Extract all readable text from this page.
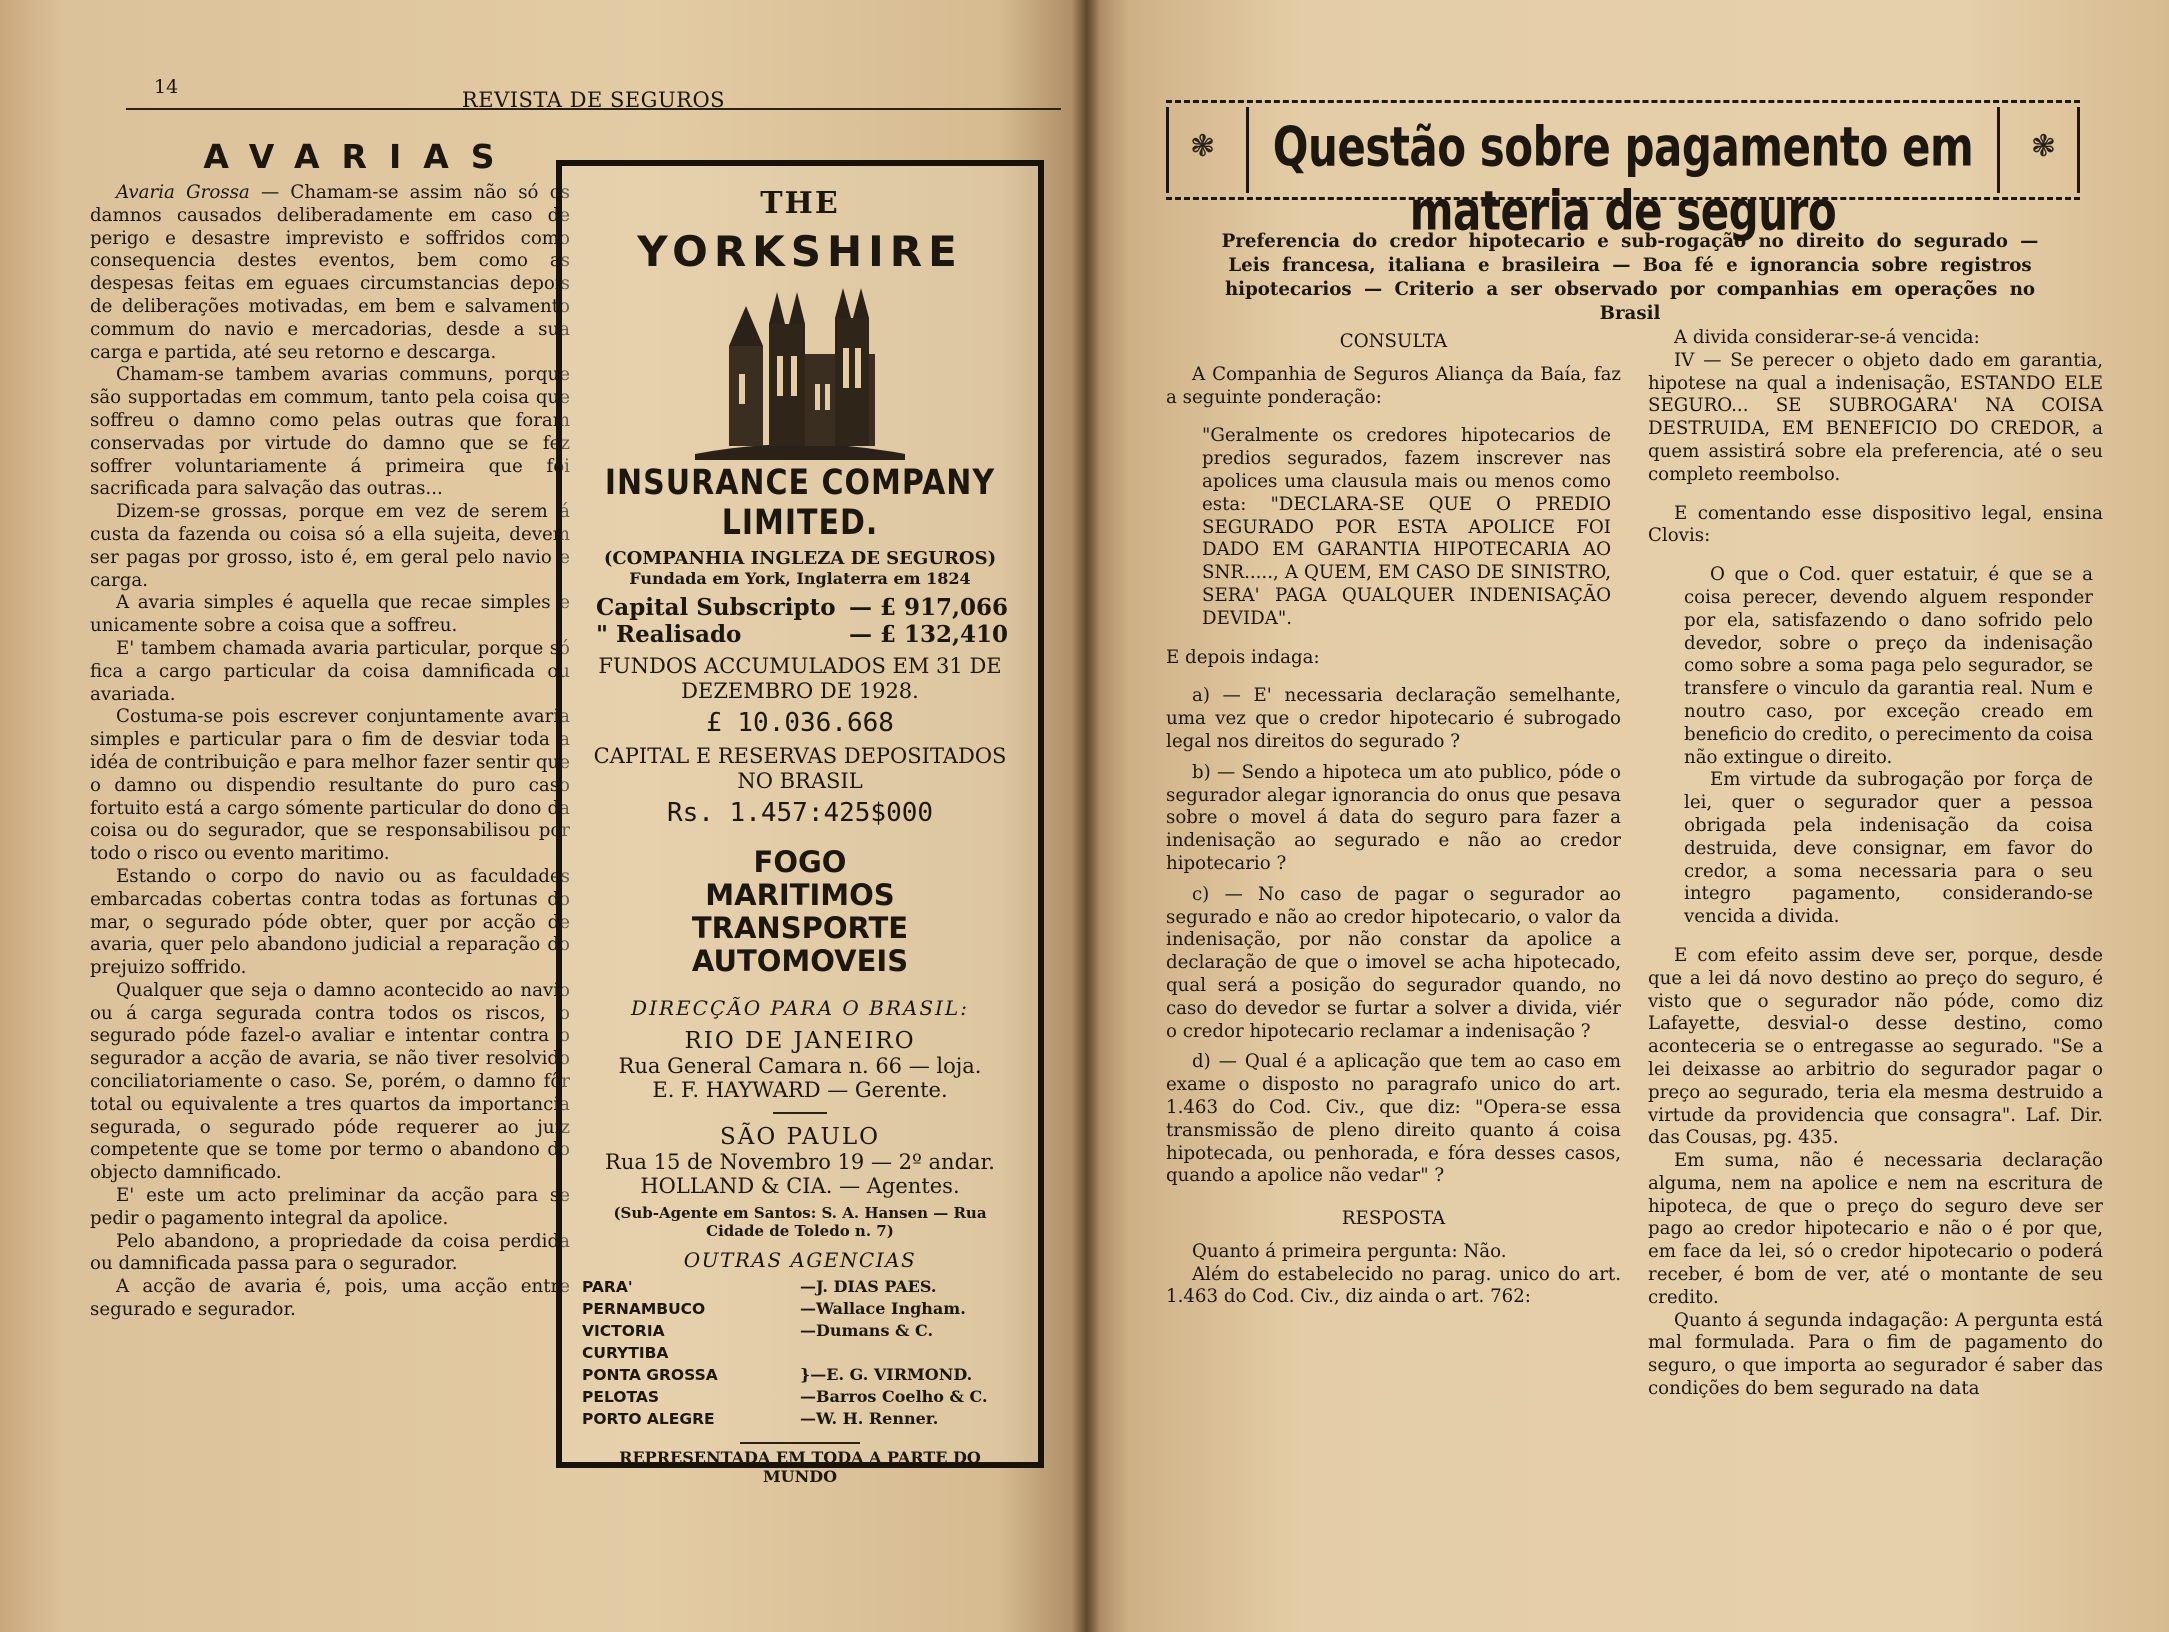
14
REVISTA DE SEGUROS
AVARIAS

Avaria Grossa — Chamam-se assim não só os damnos causados deliberadamente em caso de perigo e desastre imprevisto e soffridos como consequencia destes eventos, bem como as despesas feitas em eguaes circumstancias depois de deliberações motivadas, em bem e salvamento commum do navio e mercadorias, desde a sua carga e partida, até seu retorno e descarga.

Chamam-se tambem avarias communs, porque são supportadas em commum, tanto pela coisa que soffreu o damno como pelas outras que foram conservadas por virtude do damno que se fez soffrer voluntariamente á primeira que foi sacrificada para salvação das outras...

Dizem-se grossas, porque em vez de serem á custa da fazenda ou coisa só a ella sujeita, devem ser pagas por grosso, isto é, em geral pelo navio e carga.

A avaria simples é aquella que recae simples e unicamente sobre a coisa que a soffreu.

E' tambem chamada avaria particular, porque só fica a cargo particular da coisa damnificada ou avariada.

Costuma-se pois escrever conjuntamente avaria simples e particular para o fim de desviar toda a idéa de contribuição e para melhor fazer sentir que o damno ou dispendio resultante do puro caso fortuito está a cargo sómente particular do dono da coisa ou do segurador, que se responsabilisou por todo o risco ou evento maritimo.

Estando o corpo do navio ou as faculdades embarcadas cobertas contra todas as fortunas do mar, o segurado póde obter, quer por acção de avaria, quer pelo abandono judicial a reparação do prejuizo soffrido.

Qualquer que seja o damno acontecido ao navio ou á carga segurada contra todos os riscos, o segurado póde fazel-o avaliar e intentar contra o segurador a acção de avaria, se não tiver resolvido conciliatoriamente o caso. Se, porém, o damno fôr total ou equivalente a tres quartos da importancia segurada, o segurado póde requerer ao juiz competente que se tome por termo o abandono do objecto damnificado.

E' este um acto preliminar da acção para se pedir o pagamento integral da apolice.

Pelo abandono, a propriedade da coisa perdida ou damnificada passa para o segurador.

A acção de avaria é, pois, uma acção entre segurado e segurador.

THE
YORKSHIRE
INSURANCE COMPANY LIMITED.
(COMPANHIA INGLEZA DE SEGUROS)
Fundada em York, Inglaterra em 1824
Capital Subscripto — £ 917,066
" Realisado	— £ 132,410
FUNDOS ACCUMULADOS EM 31 DE DEZEMBRO DE 1928.
£ 10.036.668
CAPITAL E RESERVAS DEPOSITADOS NO BRASIL
Rs. 1.457:425$000
FOGO
MARITIMOS
TRANSPORTE
AUTOMOVEIS
DIRECÇÃO PARA O BRASIL:
RIO DE JANEIRO
Rua General Camara n. 66 — loja.
E. F. HAYWARD — Gerente.
SÃO PAULO
Rua 15 de Novembro 19 — 2º andar.
HOLLAND & CIA. — Agentes.
(Sub-Agente em Santos: S. A. Hansen — Rua Cidade de Toledo n. 7)
OUTRAS AGENCIAS
PARA'	—J. DIAS PAES.
PERNAMBUCO	—Wallace Ingham.
VICTORIA	—Dumans & C.
CURYTIBA
PONTA GROSSA	}—E. G. VIRMOND.
PELOTAS	—Barros Coelho & C.
PORTO ALEGRE	—W. H. Renner.
REPRESENTADA EM TODA A PARTE DO MUNDO
❃	Questão sobre pagamento em materia de seguro
❃
Preferencia do credor hipotecario e sub-rogação no direito do segurado — Leis francesa, italiana e brasileira — Boa fé e ignorancia sobre registros hipotecarios — Criterio a ser observado por companhias em operações no Brasil
CONSULTA

A Companhia de Seguros Aliança da Baía, faz a seguinte ponderação:

"Geralmente os credores hipotecarios de predios segurados, fazem inscrever nas apolices uma clausula mais ou menos como esta: "DECLARA-SE QUE O PREDIO SEGURADO POR ESTA APOLICE FOI DADO EM GARANTIA HIPOTECARIA AO SNR....., A QUEM, EM CASO DE SINISTRO, SERA' PAGA QUALQUER INDENISAÇÃO DEVIDA".

E depois indaga:

a) — E' necessaria declaração semelhante, uma vez que o credor hipotecario é subrogado legal nos direitos do segurado ?

b) — Sendo a hipoteca um ato publico, póde o segurador alegar ignorancia do onus que pesava sobre o movel á data do seguro para fazer a indenisação ao segurado e não ao credor hipotecario ?

c) — No caso de pagar o segurador ao segurado e não ao credor hipotecario, o valor da indenisação, por não constar da apolice a declaração de que o imovel se acha hipotecado, qual será a posição do segurador quando, no caso do devedor se furtar a solver a divida, viér o credor hipotecario reclamar a indenisação ?

d) — Qual é a aplicação que tem ao caso em exame o disposto no paragrafo unico do art. 1.463 do Cod. Civ., que diz: "Opera-se essa transmissão de pleno direito quanto á coisa hipotecada, ou penhorada, e fóra desses casos, quando a apolice não vedar" ?

RESPOSTA

Quanto á primeira pergunta: Não.

Além do estabelecido no parag. unico do art. 1.463 do Cod. Civ., diz ainda o art. 762:

A divida considerar-se-á vencida:

IV — Se perecer o objeto dado em garantia, hipotese na qual a indenisação, ESTANDO ELE SEGURO... SE SUBROGARA' NA COISA DESTRUIDA, EM BENEFICIO DO CREDOR, a quem assistirá sobre ela preferencia, até o seu completo reembolso.

E comentando esse dispositivo legal, ensina Clovis:

O que o Cod. quer estatuir, é que se a coisa perecer, devendo alguem responder por ela, satisfazendo o dano sofrido pelo devedor, sobre o preço da indenisação como sobre a soma paga pelo segurador, se transfere o vinculo da garantia real. Num e noutro caso, por exceção creado em beneficio do credito, o perecimento da coisa não extingue o direito.

Em virtude da subrogação por força de lei, quer o segurador quer a pessoa obrigada pela indenisação da coisa destruida, deve consignar, em favor do credor, a soma necessaria para o seu integro pagamento, considerando-se vencida a divida.

E com efeito assim deve ser, porque, desde que a lei dá novo destino ao preço do seguro, é visto que o segurador não póde, como diz Lafayette, desvial-o desse destino, como aconteceria se o entregasse ao segurado. "Se a lei deixasse ao arbitrio do segurador pagar o preço ao segurado, teria ela mesma destruido a virtude da providencia que consagra". Laf. Dir. das Cousas, pg. 435.

Em suma, não é necessaria declaração alguma, nem na apolice e nem na escritura de hipoteca, de que o preço do seguro deve ser pago ao credor hipotecario e não o é por que, em face da lei, só o credor hipotecario o poderá receber, é bom de ver, até o montante de seu credito.

Quanto á segunda indagação: A pergunta está mal formulada. Para o fim de pagamento do seguro, o que importa ao segurador é saber das condições do bem segurado na data
